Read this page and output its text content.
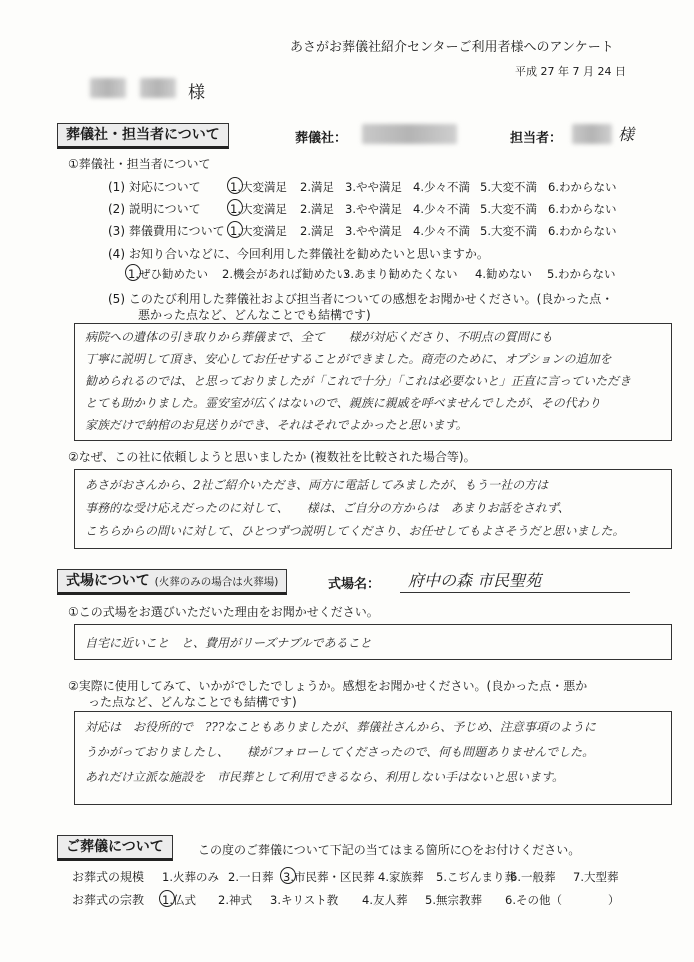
あさがお葬儀社紹介センターご利用者様へのアンケート
平成 27 年 7 月 24 日
様
葬儀社・担当者について	葬儀社：	担当者：	様
①葬儀社・担当者について
(1) 対応について	1.大変満足 2.満足 3.やや満足 4.少々不満 5.大変不満 6.わからない
(2) 説明について	1.大変満足 2.満足 3.やや満足 4.少々不満 5.大変不満 6.わからない
(3) 葬儀費用について 1.大変満足 2.満足 3.やや満足 4.少々不満 5.大変不満 6.わからない
(4) お知り合いなどに、今回利用した葬儀社を勧めたいと思いますか。
1.ぜひ勧めたい 2.機会があれば勧めたい
3.あまり勧めたくない 4.勧めない 5.わからない
(5) このたび利用した葬儀社および担当者についての感想をお聞かせください。(良かった点・
悪かった点など、どんなことでも結構です)
病院への遺体の引き取りから葬儀まで、全て　　様が対応くださり、不明点の質問にも
丁寧に説明して頂き、安心してお任せすることができました。商売のために、オプションの追加を
勧められるのでは、と思っておりましたが「これで十分」「これは必要ないと」正直に言っていただき
とても助かりました。霊安室が広くはないので、親族に親戚を呼べませんでしたが、その代わり
家族だけで納棺のお見送りができ、それはそれでよかったと思います。
②なぜ、この社に依頼しようと思いましたか (複数社を比較された場合等)。
あさがおさんから、2社ご紹介いただき、両方に電話してみましたが、もう一社の方は
事務的な受け応えだったのに対して、　　様は、ご自分の方からは　あまりお話をされず、
こちらからの問いに対して、ひとつずつ説明してくださり、お任せしてもよさそうだと思いました。
式場について (火葬のみの場合は火葬場)	式場名： 府中の森 市民聖苑
①この式場をお選びいただいた理由をお聞かせください。
自宅に近いこと　と、費用がリーズナブルであること
②実際に使用してみて、いかがでしたでしょうか。感想をお聞かせください。(良かった点・悪か
った点など、どんなことでも結構です)
対応は　お役所的で　???なこともありましたが、葬儀社さんから、予じめ、注意事項のように
うかがっておりましたし、　　様がフォローしてくださったので、何も問題ありませんでした。
あれだけ立派な施設を　市民葬として利用できるなら、利用しない手はないと思います。
ご葬儀について	この度のご葬儀について下記の当てはまる箇所に○をお付けください。
お葬式の規模 1.火葬のみ 2.一日葬 3.市民葬・区民葬 4.家族葬 5.こぢんまり葬
6.一般葬 7.大型葬
お葬式の宗教 1.仏式 2.神式 3.キリスト教 4.友人葬 5.無宗教葬 6.その他（　　　　）
